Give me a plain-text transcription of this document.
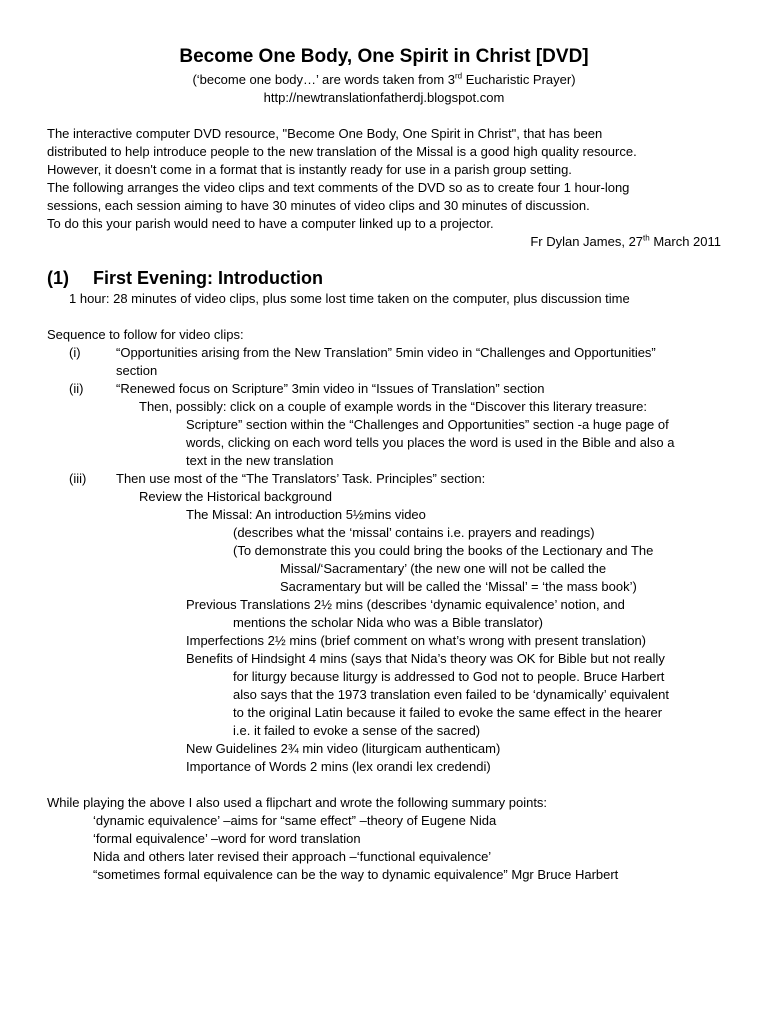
Become One Body, One Spirit in Christ [DVD]
(‘become one body…’ are words taken from 3rd Eucharistic Prayer)
http://newtranslationfatherdj.blogspot.com

The interactive computer DVD resource, "Become One Body, One Spirit in Christ", that has been

distributed to help introduce people to the new translation of the Missal is a good high quality resource.

However, it doesn't come in a format that is instantly ready for use in a parish group setting.

The following arranges the video clips and text comments of the DVD so as to create four 1 hour-long

sessions, each session aiming to have 30 minutes of video clips and 30 minutes of discussion.

To do this your parish would need to have a computer linked up to a projector.

Fr Dylan James, 27th March 2011

(1) First Evening: Introduction
1 hour: 28 minutes of video clips, plus some lost time taken on the computer, plus discussion time
Sequence to follow for video clips:
(i)	“Opportunities arising from the New Translation” 5min video in “Challenges and Opportunities”
section
(ii)	“Renewed focus on Scripture” 3min video in “Issues of Translation” section
Then, possibly: click on a couple of example words in the “Discover this literary treasure:
Scripture” section within the “Challenges and Opportunities” section -a huge page of
words, clicking on each word tells you places the word is used in the Bible and also a
text in the new translation
(iii) Then use most of the “The Translators’ Task. Principles” section:
Review the Historical background
The Missal: An introduction 5½mins video
(describes what the ‘missal’ contains i.e. prayers and readings)
(To demonstrate this you could bring the books of the Lectionary and The
Missal/‘Sacramentary’ (the new one will not be called the
Sacramentary but will be called the ‘Missal’ = ‘the mass book’)
Previous Translations 2½ mins (describes ‘dynamic equivalence’ notion, and
mentions the scholar Nida who was a Bible translator)
Imperfections 2½ mins (brief comment on what’s wrong with present translation)
Benefits of Hindsight 4 mins (says that Nida’s theory was OK for Bible but not really
for liturgy because liturgy is addressed to God not to people. Bruce Harbert
also says that the 1973 translation even failed to be ‘dynamically’ equivalent
to the original Latin because it failed to evoke the same effect in the hearer
i.e. it failed to evoke a sense of the sacred)
New Guidelines 2¾ min video (liturgicam authenticam)
Importance of Words 2 mins (lex orandi lex credendi)
While playing the above I also used a flipchart and wrote the following summary points:
‘dynamic equivalence’ –aims for “same effect” –theory of Eugene Nida
‘formal equivalence’ –word for word translation
Nida and others later revised their approach –‘functional equivalence’
“sometimes formal equivalence can be the way to dynamic equivalence” Mgr Bruce Harbert
